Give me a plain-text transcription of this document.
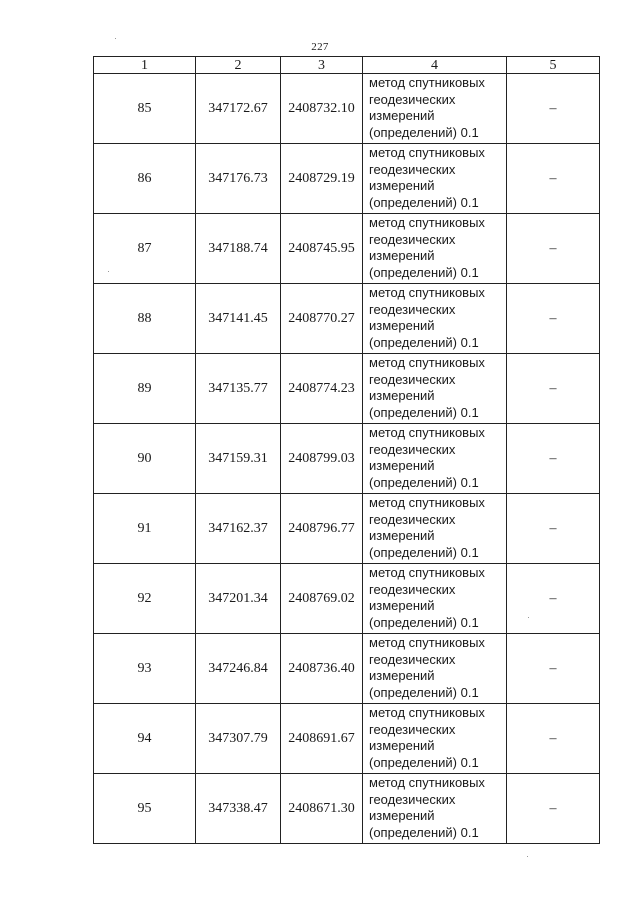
227
1	2	3	4	5
85	347172.67	2408732.10	метод спутниковых
геодезических
измерений
(определений) 0.1	–
86	347176.73	2408729.19	метод спутниковых
геодезических
измерений
(определений) 0.1	–
87	347188.74	2408745.95	метод спутниковых
геодезических
измерений
(определений) 0.1	–
88	347141.45	2408770.27	метод спутниковых
геодезических
измерений
(определений) 0.1	–
89	347135.77	2408774.23	метод спутниковых
геодезических
измерений
(определений) 0.1	–
90	347159.31	2408799.03	метод спутниковых
геодезических
измерений
(определений) 0.1	–
91	347162.37	2408796.77	метод спутниковых
геодезических
измерений
(определений) 0.1	–
92	347201.34	2408769.02	метод спутниковых
геодезических
измерений
(определений) 0.1	–
93	347246.84	2408736.40	метод спутниковых
геодезических
измерений
(определений) 0.1	–
94	347307.79	2408691.67	метод спутниковых
геодезических
измерений
(определений) 0.1	–
95	347338.47	2408671.30	метод спутниковых
геодезических
измерений
(определений) 0.1	–
